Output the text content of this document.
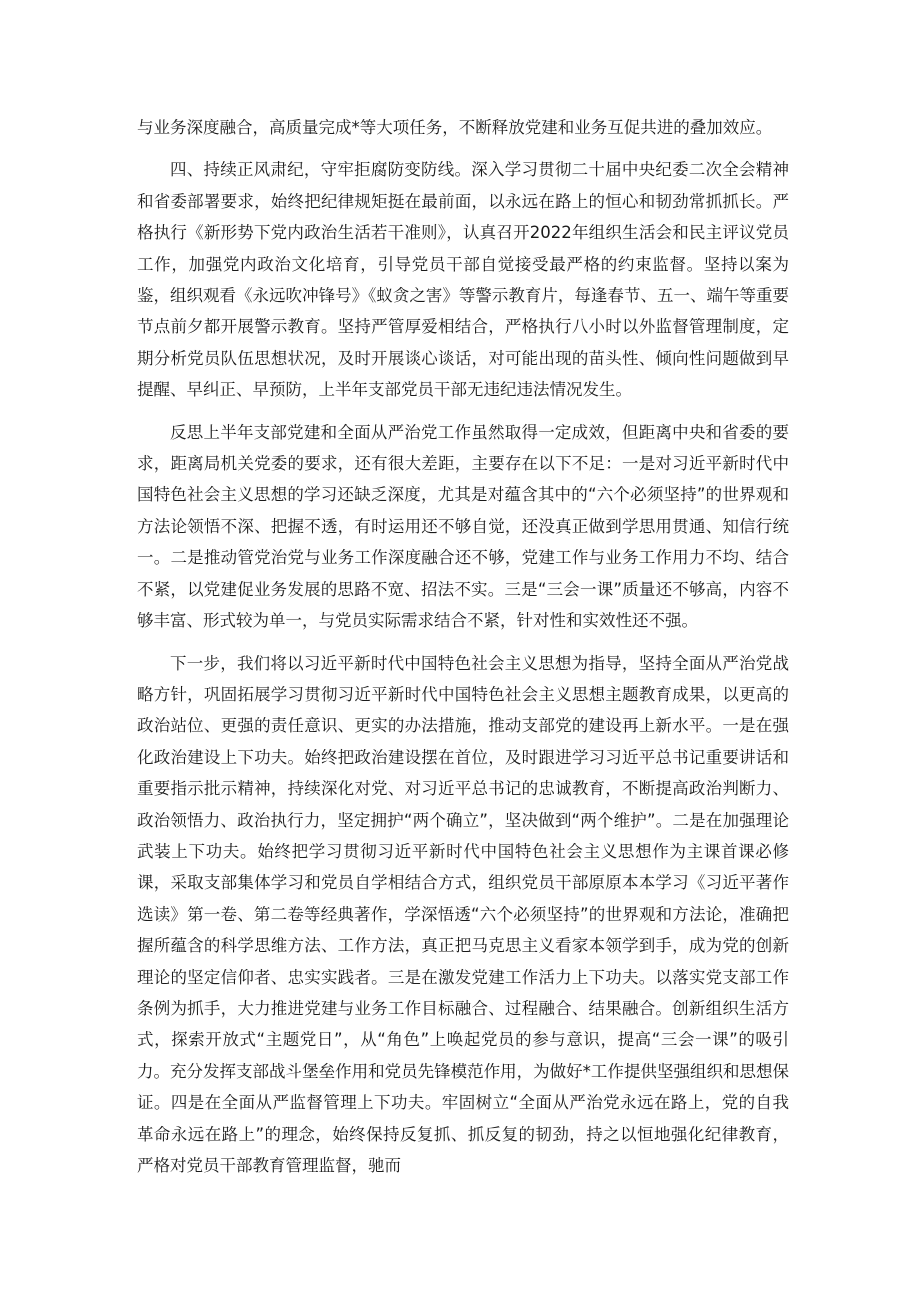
与业务深度融合，高质量完成*等大项任务，不断释放党建和业务互促共进的叠加效应。

四、持续正风肃纪，守牢拒腐防变防线。深入学习贯彻二十届中央纪委二次全会精神和省委部署要求，始终把纪律规矩挺在最前面，以永远在路上的恒心和韧劲常抓抓长。严格执行《新形势下党内政治生活若干准则》，认真召开2022年组织生活会和民主评议党员工作，加强党内政治文化培育，引导党员干部自觉接受最严格的约束监督。坚持以案为鉴，组织观看《永远吹冲锋号》《蚁贪之害》等警示教育片，每逢春节、五一、端午等重要节点前夕都开展警示教育。坚持严管厚爱相结合，严格执行八小时以外监督管理制度，定期分析党员队伍思想状况，及时开展谈心谈话，对可能出现的苗头性、倾向性问题做到早提醒、早纠正、早预防，上半年支部党员干部无违纪违法情况发生。

反思上半年支部党建和全面从严治党工作虽然取得一定成效，但距离中央和省委的要求，距离局机关党委的要求，还有很大差距，主要存在以下不足：一是对习近平新时代中国特色社会主义思想的学习还缺乏深度，尤其是对蕴含其中的“六个必须坚持”的世界观和方法论领悟不深、把握不透，有时运用还不够自觉，还没真正做到学思用贯通、知信行统一。二是推动管党治党与业务工作深度融合还不够，党建工作与业务工作用力不均、结合不紧，以党建促业务发展的思路不宽、招法不实。三是“三会一课”质量还不够高，内容不够丰富、形式较为单一，与党员实际需求结合不紧，针对性和实效性还不强。

下一步，我们将以习近平新时代中国特色社会主义思想为指导，坚持全面从严治党战略方针，巩固拓展学习贯彻习近平新时代中国特色社会主义思想主题教育成果，以更高的政治站位、更强的责任意识、更实的办法措施，推动支部党的建设再上新水平。一是在强化政治建设上下功夫。始终把政治建设摆在首位，及时跟进学习习近平总书记重要讲话和重要指示批示精神，持续深化对党、对习近平总书记的忠诚教育，不断提高政治判断力、政治领悟力、政治执行力，坚定拥护“两个确立”，坚决做到“两个维护”。二是在加强理论武装上下功夫。始终把学习贯彻习近平新时代中国特色社会主义思想作为主课首课必修课，采取支部集体学习和党员自学相结合方式，组织党员干部原原本本学习《习近平著作选读》第一卷、第二卷等经典著作，学深悟透“六个必须坚持”的世界观和方法论，准确把握所蕴含的科学思维方法、工作方法，真正把马克思主义看家本领学到手，成为党的创新理论的坚定信仰者、忠实实践者。三是在激发党建工作活力上下功夫。以落实党支部工作条例为抓手，大力推进党建与业务工作目标融合、过程融合、结果融合。创新组织生活方式，探索开放式“主题党日”，从“角色”上唤起党员的参与意识，提高“三会一课”的吸引力。充分发挥支部战斗堡垒作用和党员先锋模范作用，为做好*工作提供坚强组织和思想保证。四是在全面从严监督管理上下功夫。牢固树立“全面从严治党永远在路上，党的自我革命永远在路上”的理念，始终保持反复抓、抓反复的韧劲，持之以恒地强化纪律教育，严格对党员干部教育管理监督，驰而
